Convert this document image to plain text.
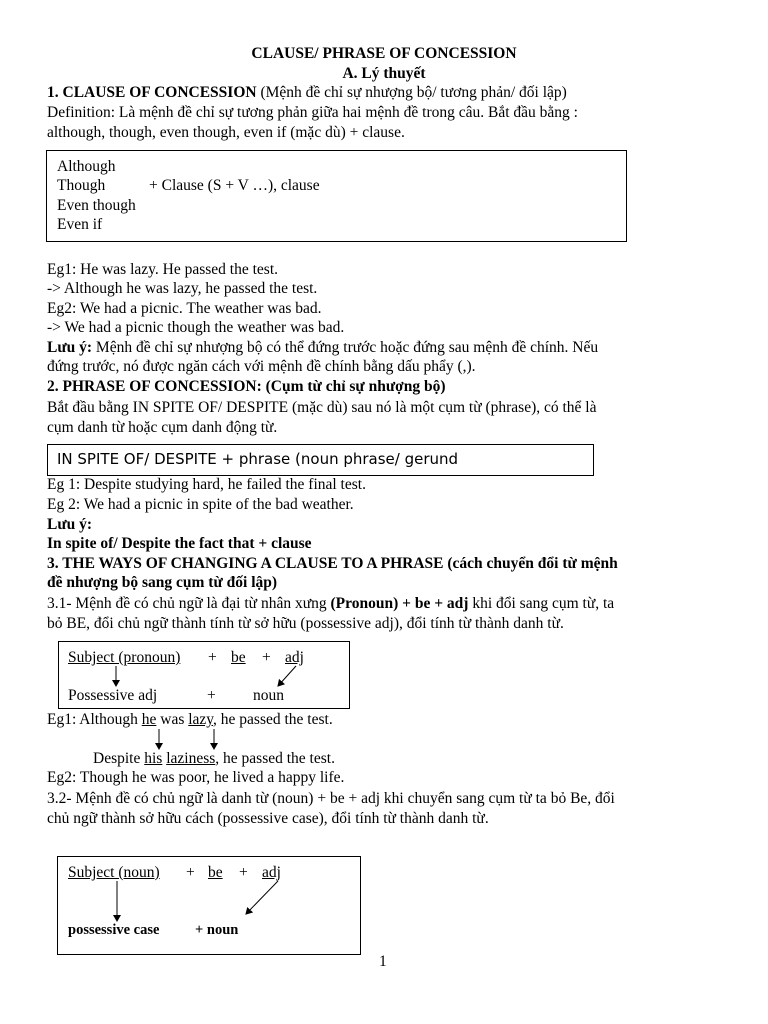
CLAUSE/ PHRASE OF CONCESSION
A. Lý thuyết
1. CLAUSE OF CONCESSION (Mệnh đề chỉ sự nhượng bộ/ tương phản/ đối lập)
Definition: Là mệnh đề chỉ sự tương phản giữa hai mệnh đề trong câu. Bắt đầu bằng :
although, though, even though, even if (mặc dù) + clause.
Although
Though	+ Clause (S + V …), clause
Even though
Even if
Eg1: He was lazy. He passed the test.
-> Although he was lazy, he passed the test.
Eg2: We had a picnic. The weather was bad.
-> We had a picnic though the weather was bad.
Lưu ý: Mệnh đề chỉ sự nhượng bộ có thể đứng trước hoặc đứng sau mệnh đề chính. Nếu
đứng trước, nó được ngăn cách với mệnh đề chính bằng dấu phẩy (,).
2. PHRASE OF CONCESSION: (Cụm từ chỉ sự nhượng bộ)
Bắt đầu bằng IN SPITE OF/ DESPITE (mặc dù) sau nó là một cụm từ (phrase), có thể là
cụm danh từ hoặc cụm danh động từ.
IN SPITE OF/ DESPITE + phrase (noun phrase/ gerund
Eg 1: Despite studying hard, he failed the final test.
Eg 2: We had a picnic in spite of the bad weather.
Lưu ý:
In spite of/ Despite the fact that + clause
3. THE WAYS OF CHANGING A CLAUSE TO A PHRASE (cách chuyển đổi từ mệnh
đề nhượng bộ sang cụm từ đối lập)
3.1- Mệnh đề có chủ ngữ là đại từ nhân xưng (Pronoun) + be + adj khi đổi sang cụm từ, ta
bỏ BE, đổi chủ ngữ thành tính từ sở hữu (possessive adj), đổi tính từ thành danh từ.
Subject (pronoun) + be + adj
Possessive adj	+ noun
Eg1: Although he was lazy, he passed the test.
Despite his laziness, he passed the test.
Eg2: Though he was poor, he lived a happy life.
3.2- Mệnh đề có chủ ngữ là danh từ (noun) + be + adj khi chuyển sang cụm từ ta bỏ Be, đổi
chủ ngữ thành sở hữu cách (possessive case), đổi tính từ thành danh từ.
Subject (noun) + be + adj
possessive case + noun
1
